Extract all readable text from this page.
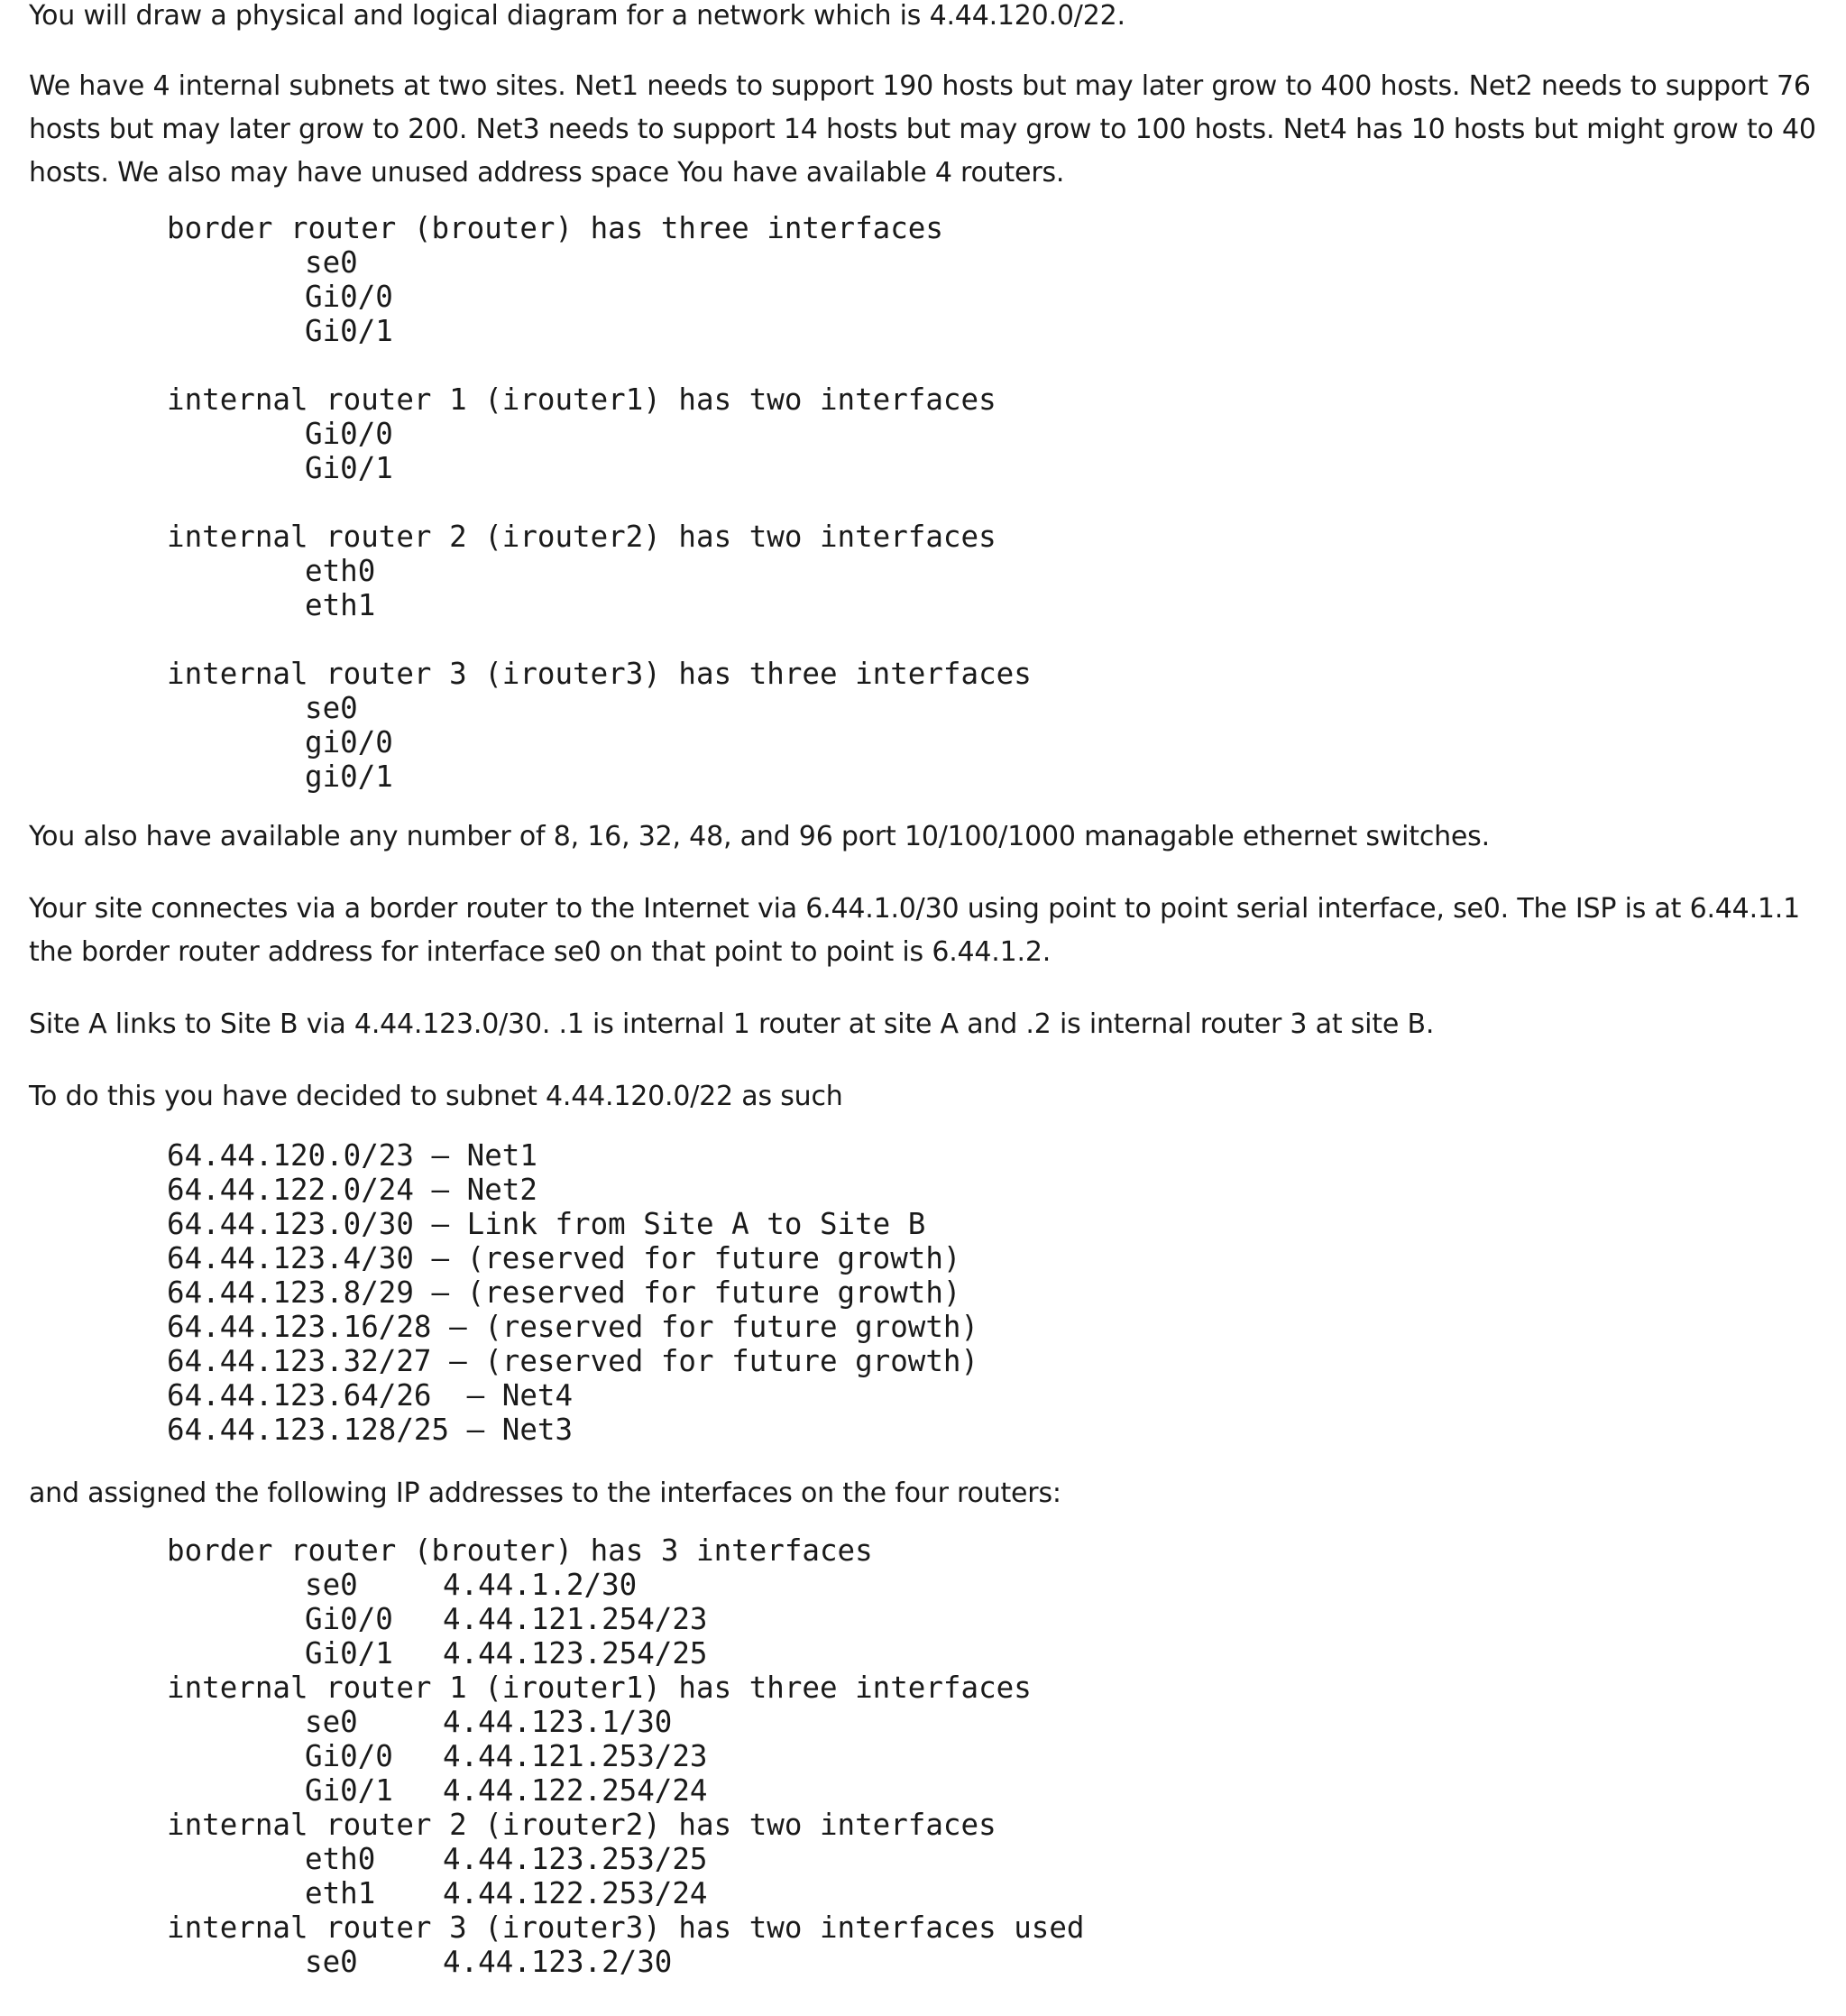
You will draw a physical and logical diagram for a network which is 4.44.120.0/22.

We have 4 internal subnets at two sites. Net1 needs to support 190 hosts but may later grow to 400 hosts. Net2 needs to support 76 hosts but may later grow to 200. Net3 needs to support 14 hosts but may grow to 100 hosts. Net4 has 10 hosts but might grow to 40 hosts. We also may have unused address space You have available 4 routers.

border router (brouter) has three interfaces
se0
Gi0/0
Gi0/1

internal router 1 (irouter1) has two interfaces
Gi0/0
Gi0/1

internal router 2 (irouter2) has two interfaces
eth0
eth1

internal router 3 (irouter3) has three interfaces
se0
gi0/0
gi0/1

You also have available any number of 8, 16, 32, 48, and 96 port 10/100/1000 managable ethernet switches.

Your site connectes via a border router to the Internet via 6.44.1.0/30 using point to point serial interface, se0. The ISP is at 6.44.1.1 the border router address for interface se0 on that point to point is 6.44.1.2.

Site A links to Site B via 4.44.123.0/30. .1 is internal 1 router at site A and .2 is internal router 3 at site B.

To do this you have decided to subnet 4.44.120.0/22 as such

64.44.120.0/23 – Net1
64.44.122.0/24 – Net2
64.44.123.0/30 – Link from Site A to Site B
64.44.123.4/30 – (reserved for future growth)
64.44.123.8/29 – (reserved for future growth)
64.44.123.16/28 – (reserved for future growth)
64.44.123.32/27 – (reserved for future growth)
64.44.123.64/26  – Net4
64.44.123.128/25 – Net3

and assigned the following IP addresses to the interfaces on the four routers:

border router (brouter) has 3 interfaces
se0	4.44.1.2/30
Gi0/0 4.44.121.254/23
Gi0/1 4.44.123.254/25
internal router 1 (irouter1) has three interfaces
se0	4.44.123.1/30
Gi0/0 4.44.121.253/23
Gi0/1 4.44.122.254/24
internal router 2 (irouter2) has two interfaces
eth0 4.44.123.253/25
eth1 4.44.122.253/24
internal router 3 (irouter3) has two interfaces used
se0	4.44.123.2/30
